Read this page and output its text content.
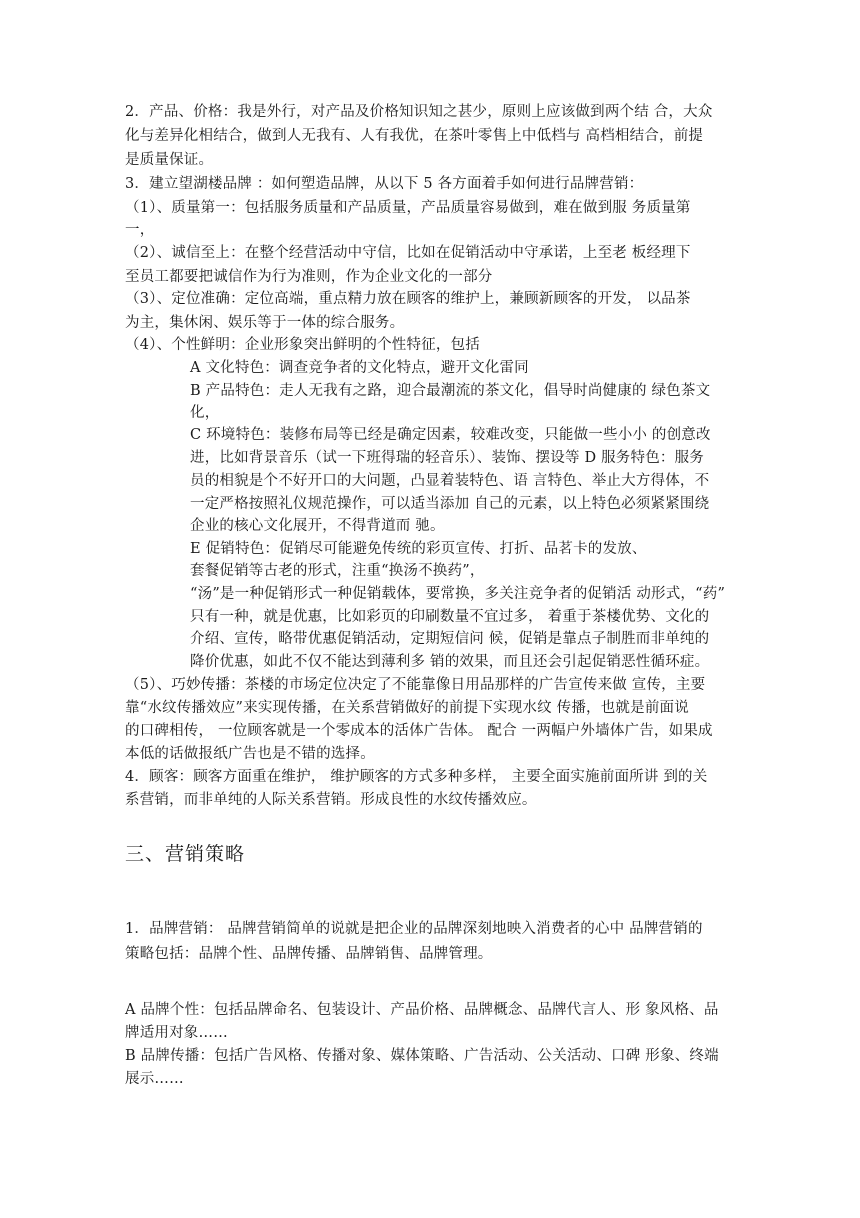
2．产品、价格：我是外行，对产品及价格知识知之甚少，原则上应该做到两个结 合，大众
化与差异化相结合，做到人无我有、人有我优，在茶叶零售上中低档与 高档相结合，前提
是质量保证。
3．建立望湖楼品牌 ：如何塑造品牌，从以下 5 各方面着手如何进行品牌营销：
（1）、质量第一：包括服务质量和产品质量，产品质量容易做到，难在做到服 务质量第
一，
（2）、诚信至上：在整个经营活动中守信，比如在促销活动中守承诺，上至老 板经理下
至员工都要把诚信作为行为准则，作为企业文化的一部分
（3）、定位准确：定位高端，重点精力放在顾客的维护上，兼顾新顾客的开发， 以品茶
为主，集休闲、娱乐等于一体的综合服务。
（4）、个性鲜明：企业形象突出鲜明的个性特征，包括
A 文化特色：调查竞争者的文化特点，避开文化雷同
B 产品特色：走人无我有之路，迎合最潮流的茶文化，倡导时尚健康的 绿色茶文
化，
C 环境特色：装修布局等已经是确定因素，较难改变，只能做一些小小 的创意改
进，比如背景音乐（试一下班得瑞的轻音乐）、装饰、摆设等 D 服务特色：服务
员的相貌是个不好开口的大问题，凸显着装特色、语 言特色、举止大方得体，不
一定严格按照礼仪规范操作，可以适当添加 自己的元素，以上特色必须紧紧围绕
企业的核心文化展开，不得背道而 驰。
E 促销特色：促销尽可能避免传统的彩页宣传、打折、品茗卡的发放、
套餐促销等古老的形式，注重“换汤不换药”，
“汤”是一种促销形式一种促销载体，要常换，多关注竞争者的促销活 动形式，“药”
只有一种，就是优惠，比如彩页的印刷数量不宜过多， 着重于茶楼优势、文化的
介绍、宣传，略带优惠促销活动，定期短信问 候，促销是靠点子制胜而非单纯的
降价优惠，如此不仅不能达到薄利多 销的效果，而且还会引起促销恶性循环症。
（5）、巧妙传播：茶楼的市场定位决定了不能靠像日用品那样的广告宣传来做 宣传，主要
靠“水纹传播效应”来实现传播，在关系营销做好的前提下实现水纹 传播，也就是前面说
的口碑相传， 一位顾客就是一个零成本的活体广告体。 配合 一两幅户外墙体广告，如果成
本低的话做报纸广告也是不错的选择。
4．顾客：顾客方面重在维护， 维护顾客的方式多种多样， 主要全面实施前面所讲 到的关
系营销，而非单纯的人际关系营销。形成良性的水纹传播效应。
三、营销策略
1．品牌营销： 品牌营销简单的说就是把企业的品牌深刻地映入消费者的心中 品牌营销的
策略包括：品牌个性、品牌传播、品牌销售、品牌管理。
A 品牌个性：包括品牌命名、包装设计、产品价格、品牌概念、品牌代言人、形 象风格、品
牌适用对象……
B 品牌传播：包括广告风格、传播对象、媒体策略、广告活动、公关活动、口碑 形象、终端
展示……
